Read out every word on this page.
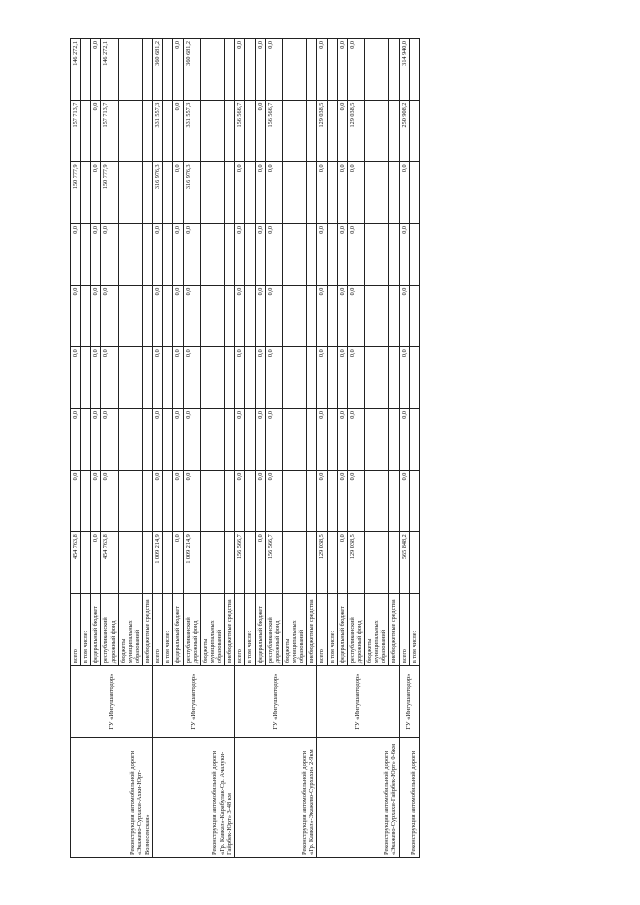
Реконструкция автомобильной дороги «Экажево-Сурхахи-Ахки-Юрт-Вознесенская»	ГУ «Ингушавтодор»	всего	454 763,8	0,0	0,0	0,0	0,0	0,0	150 777,9	157 713,7	146 272,1
		в том числе:									
		федеральный бюджет	0,0	0,0	0,0	0,0	0,0	0,0	0,0	0,0	0,0
		республиканский дорожный фонд	454 763,8	0,0	0,0	0,0	0,0	0,0	150 777,9	157 713,7	146 272,1
		бюджеты муниципальных образований									
		внебюджетные средства									
Реконструкция автомобильной дороги «Гр. Кавказ»-Карабулак-Ср. Ачалуки-Гайрбек-Юрт» 3-48 км	ГУ «Ингушавтодор»	всего	1 009 214,9	0,0	0,0	0,0	0,0	0,0	316 976,3	331 557,3	360 681,2
		в том числе:									
		федеральный бюджет	0,0	0,0	0,0	0,0	0,0	0,0	0,0	0,0	0,0
		республиканский дорожный фонд	1 009 214,9	0,0	0,0	0,0	0,0	0,0	316 976,3	331 557,3	360 681,2
		бюджеты муниципальных образований									
		внебюджетные средства									
Реконструкция автомобильной дороги «Гр. Кавказ»-Экажево-Сурхахи» 2-9км	ГУ «Ингушавтодор»	всего	156 566,7	0,0	0,0	0,0	0,0	0,0	0,0	156 566,7	0,0
		в том числе:									
		федеральный бюджет	0,0	0,0	0,0	0,0	0,0	0,0	0,0	0,0	0,0
		республиканский дорожный фонд	156 566,7	0,0	0,0	0,0	0,0	0,0	0,0	156 566,7	0,0
		бюджеты муниципальных образований									
		внебюджетные средства									
Реконструкция автомобильной дороги «Экажево-Сурхахи-Гайрбек-Юрт» 0-6км	ГУ «Ингушавтодор»	всего	129 038,5	0,0	0,0	0,0	0,0	0,0	0,0	129 038,5	0,0
		в том числе:									
		федеральный бюджет	0,0	0,0	0,0	0,0	0,0	0,0	0,0	0,0	0,0
		республиканский дорожный фонд	129 038,5	0,0	0,0	0,0	0,0	0,0	0,0	129 038,5	0,0
		бюджеты муниципальных образований									
		внебюджетные средства									
Реконструкция автомобильной дороги	ГУ «Ингушавтодор»	всего	565 848,2	0,0	0,0	0,0	0,0	0,0	0,0	250 908,2	314 940,0
		в том числе:									
